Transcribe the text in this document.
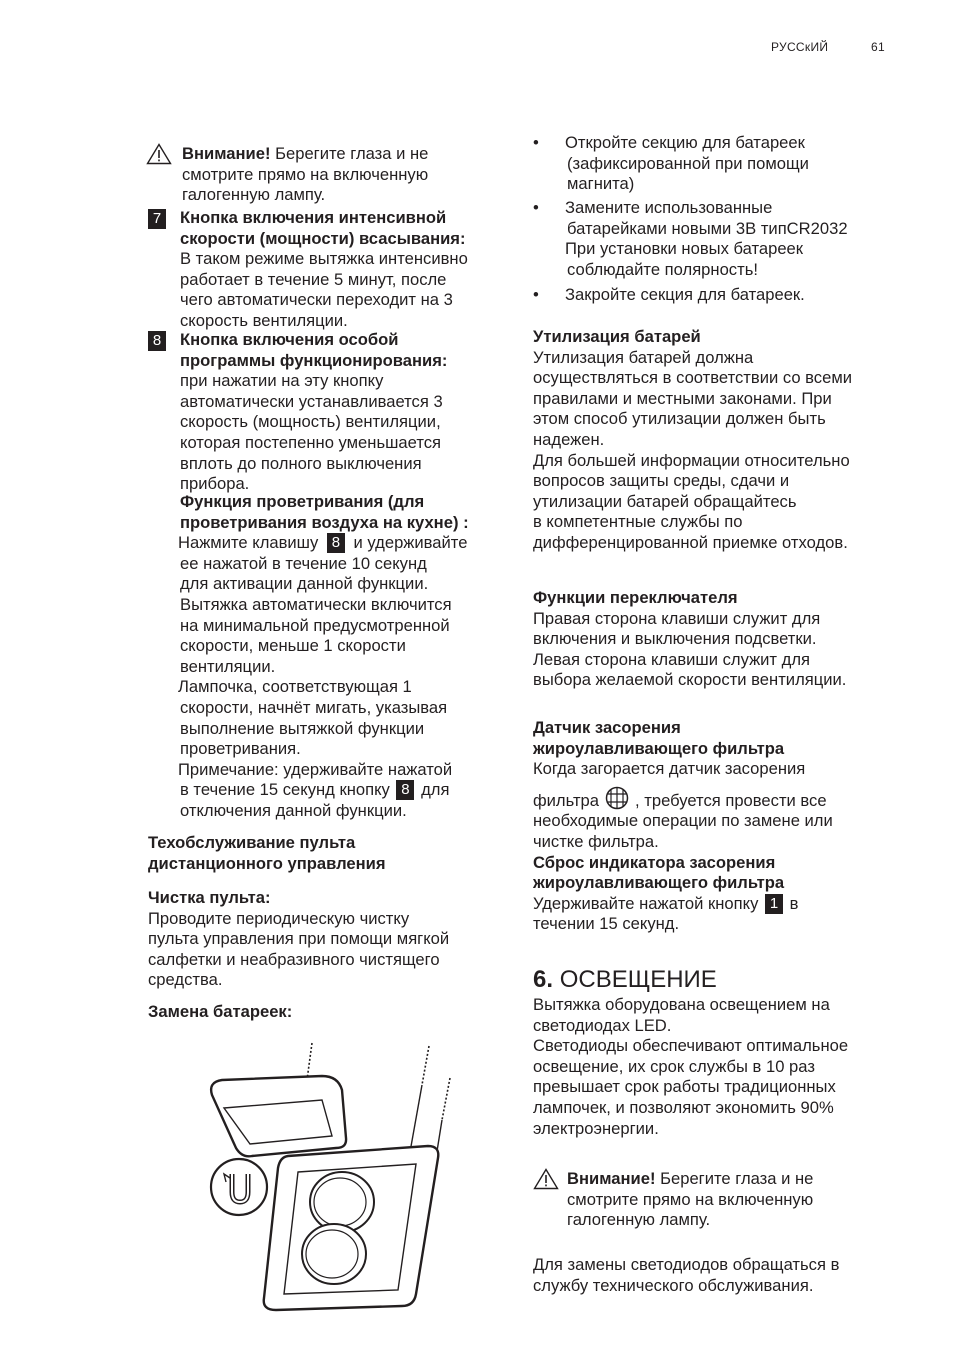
РУССкИЙ	61
Внимание! Берегите глаза и не
смотрите прямо на включенную
галогенную лампу.
7 Кнопка включения интенсивной
скорости (мощности) всасывания:
В таком режиме вытяжка интенсивно
работает в течение 5 минут, после
чего автоматически переходит на 3
скорость вентиляции.
8 Кнопка включения особой
программы функционирования:
при нажатии на эту кнопку
автоматически устанавливается 3
скорость (мощность) вентиляции,
которая постепенно уменьшается
вплоть до полного выключения
прибора.
Функция проветривания (для
проветривания воздуха на кухне) :
Нажмите клавишу 8 и удерживайте
ее нажатой в течение 10 секунд
для активации данной функции.
Вытяжка автоматически включится
на минимальной предусмотренной
скорости, меньше 1 скорости
вентиляции.
Лампочка, соответствующая 1
скорости, начнёт мигать, указывая
выполнение вытяжкой функции
проветривания.
Примечание: удерживайте нажатой
в течение 15 секунд кнопку 8 для
отключения данной функции.
Техобслуживание пульта
дистанционного управления
Чистка пульта:
Проводите периодическую чистку
пульта управления при помощи мягкой
салфетки и неабразивного чистящего
средства.
Замена батареек:
• Откройте секцию для батареек
(зафиксированной при помощи
магнита)
• Замените использованные
батарейками новыми 3В типCR2032
При установки новых батареек
соблюдайте полярность!
• Закройте секция для батареек.
Утилизация батарей
Утилизация батарей должна
осуществляться в соответствии со всеми
правилами и местными законами. При
этом способ утилизации должен быть
надежен.
Для большей информации относительно
вопросов защиты среды, сдачи и
утилизации батарей обращайтесь
в компетентные службы по
дифференцированной приемке отходов.
Функции переключателя
Правая сторона клавиши служит для
включения и выключения подсветки.
Левая сторона клавиши служит для
выбора желаемой скорости вентиляции.
Датчик засорения
жироулавливающего фильтра
Когда загорается датчик засорения
фильтра , требуется провести все
необходимые операции по замене или
чистке фильтра.
Сброс индикатора засорения
жироулавливающего фильтра
Удерживайте нажатой кнопку 1 в
течении 15 секунд.
6. ОСВЕЩЕНИЕ
Вытяжка оборудована освещением на
светодиодах LED.
Светодиоды обеспечивают оптимальное
освещение, их срок службы в 10 раз
превышает срок работы традиционных
лампочек, и позволяют экономить 90%
электроэнергии.
Внимание! Берегите глаза и не
смотрите прямо на включенную
галогенную лампу.
Для замены светодиодов обращаться в
службу технического обслуживания.
